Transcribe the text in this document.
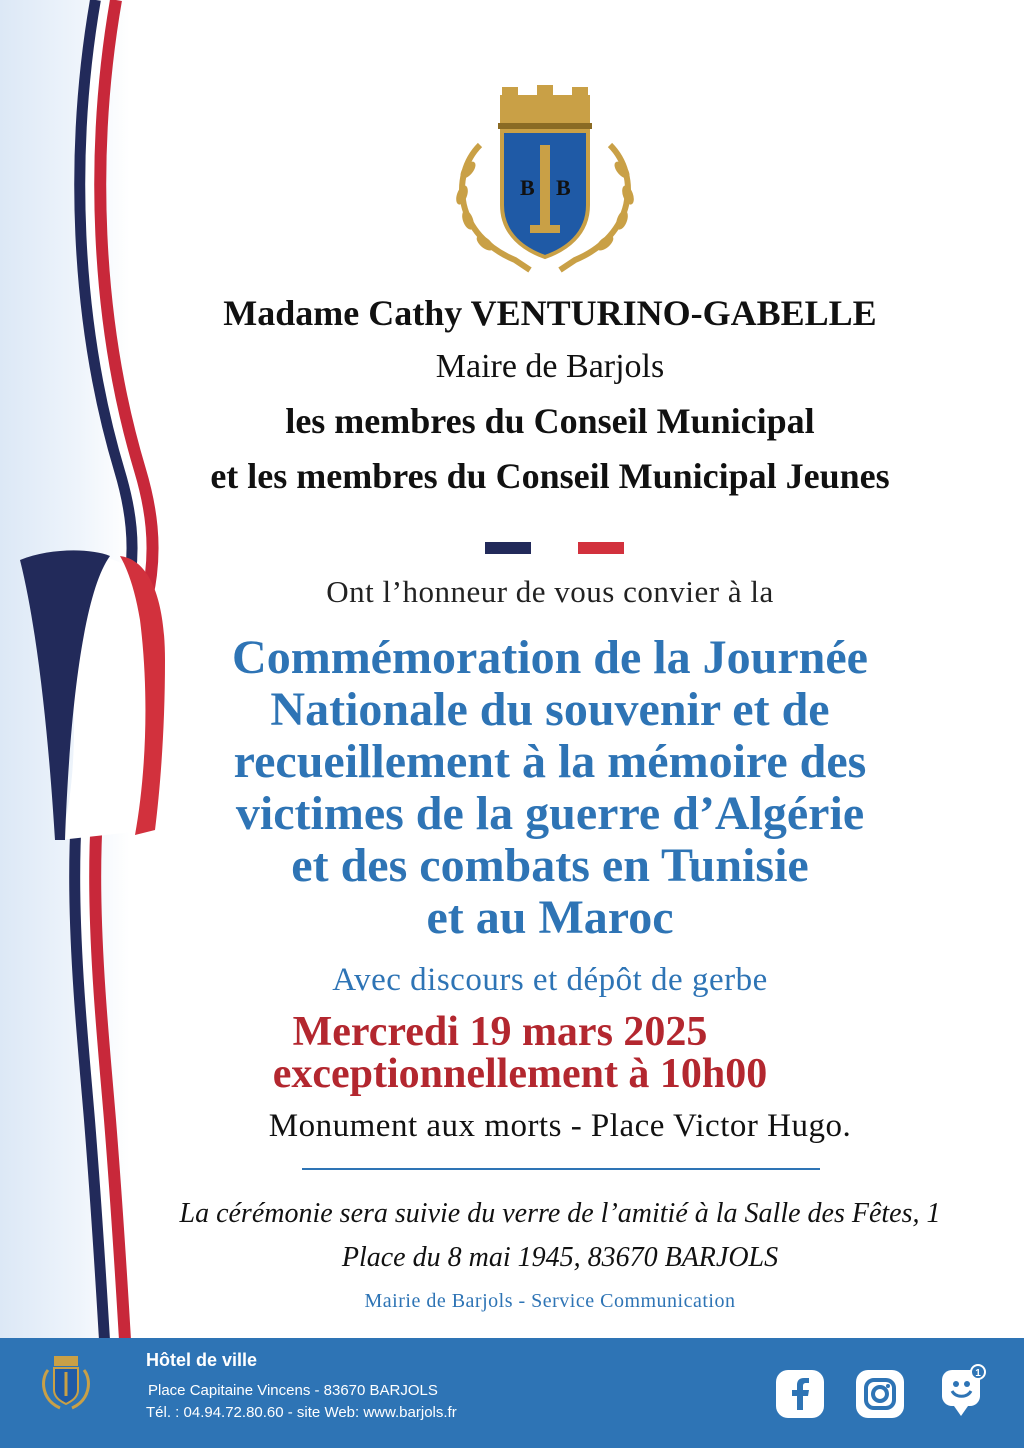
B B

Madame Cathy VENTURINO-GABELLE

Maire de Barjols

les membres du Conseil Municipal

et les membres du Conseil Municipal Jeunes

Ont l’honneur de vous convier à la

Commémoration de la Journée
Nationale du souvenir et de
recueillement à la mémoire des
victimes de la guerre d’Algérie
et des combats en Tunisie
et au Maroc

Avec discours et dépôt de gerbe

Mercredi 19 mars 2025

exceptionnellement à 10h00

Monument aux morts - Place Victor Hugo.

La cérémonie sera suivie du verre de l’amitié à la Salle des Fêtes, 1
Place du 8 mai 1945, 83670 BARJOLS

Mairie de Barjols - Service Communication

Hôtel de ville

Place Capitaine Vincens - 83670 BARJOLS

Tél. : 04.94.72.80.60 - site Web: www.barjols.fr

1
